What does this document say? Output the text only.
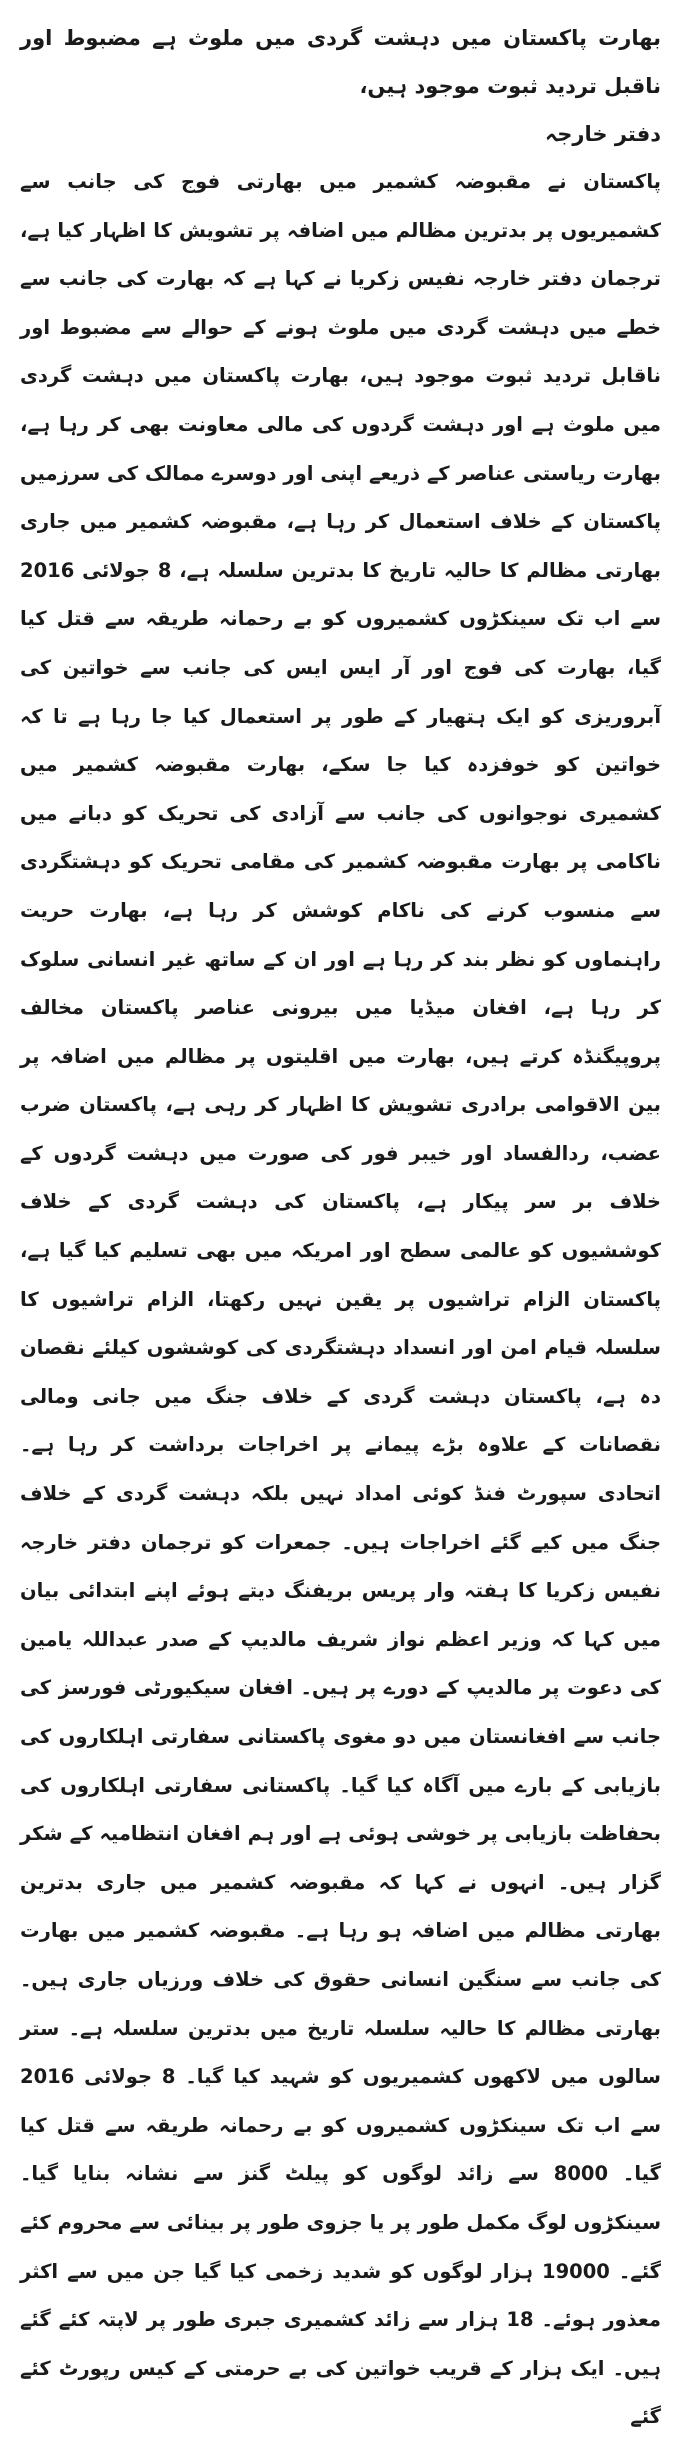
بھارت پاکستان میں دہشت گردی میں ملوث ہے مضبوط اور ناقبل تردید ثبوت موجود ہیں،

دفتر خارجہ

پاکستان نے مقبوضہ کشمیر میں بھارتی فوج کی جانب سے کشمیریوں پر بدترین مظالم میں اضافہ پر تشویش کا اظہار کیا ہے، ترجمان دفتر خارجہ نفیس زکریا نے کہا ہے کہ بھارت کی جانب سے خطے میں دہشت گردی میں ملوث ہونے کے حوالے سے مضبوط اور ناقابل تردید ثبوت موجود ہیں، بھارت پاکستان میں دہشت گردی میں ملوث ہے اور دہشت گردوں کی مالی معاونت بھی کر رہا ہے، بھارت ریاستی عناصر کے ذریعے اپنی اور دوسرے ممالک کی سرزمیں پاکستان کے خلاف استعمال کر رہا ہے، مقبوضہ کشمیر میں جاری بھارتی مظالم کا حالیہ تاریخ کا بدترین سلسلہ ہے، 8 جولائی 2016 سے اب تک سینکڑوں کشمیروں کو بے رحمانہ طریقہ سے قتل کیا گیا، بھارت کی فوج اور آر ایس ایس کی جانب سے خواتین کی آبروریزی کو ایک ہتھیار کے طور پر استعمال کیا جا رہا ہے تا کہ خواتین کو خوفزدہ کیا جا سکے، بھارت مقبوضہ کشمیر میں کشمیری نوجوانوں کی جانب سے آزادی کی تحریک کو دبانے میں ناکامی پر بھارت مقبوضہ کشمیر کی مقامی تحریک کو دہشتگردی سے منسوب کرنے کی ناکام کوشش کر رہا ہے، بھارت حریت راہنماوں کو نظر بند کر رہا ہے اور ان کے ساتھ غیر انسانی سلوک کر رہا ہے، افغان میڈیا میں بیرونی عناصر پاکستان مخالف پروپیگنڈہ کرتے ہیں، بھارت میں اقلیتوں پر مظالم میں اضافہ پر بین الاقوامی برادری تشویش کا اظہار کر رہی ہے، پاکستان ضرب عضب، ردالفساد اور خیبر فور کی صورت میں دہشت گردوں کے خلاف بر سر پیکار ہے، پاکستان کی دہشت گردی کے خلاف کوششیوں کو عالمی سطح اور امریکہ میں بھی تسلیم کیا گیا ہے، پاکستان الزام تراشیوں پر یقین نہیں رکھتا، الزام تراشیوں کا سلسلہ قیام امن اور انسداد دہشتگردی کی کوششوں کیلئے نقصان دہ ہے، پاکستان دہشت گردی کے خلاف جنگ میں جانی ومالی نقصانات کے علاوہ بڑے پیمانے پر اخراجات برداشت کر رہا ہے۔ اتحادی سپورٹ فنڈ کوئی امداد نہیں بلکہ دہشت گردی کے خلاف جنگ میں کیے گئے اخراجات ہیں۔ جمعرات کو ترجمان دفتر خارجہ نفیس زکریا کا ہفتہ وار پریس بریفنگ دیتے ہوئے اپنے ابتدائی بیان میں کہا کہ وزیر اعظم نواز شریف مالدیپ کے صدر عبداللہ یامین کی دعوت پر مالدیپ کے دورے پر ہیں۔ افغان سیکیورٹی فورسز کی جانب سے افغانستان میں دو مغوی پاکستانی سفارتی اہلکاروں کی بازیابی کے بارے میں آگاہ کیا گیا۔ پاکستانی سفارتی اہلکاروں کی بحفاظت بازیابی پر خوشی ہوئی ہے اور ہم افغان انتظامیہ کے شکر گزار ہیں۔ انہوں نے کہا کہ مقبوضہ کشمیر میں جاری بدترین بھارتی مظالم میں اضافہ ہو رہا ہے۔ مقبوضہ کشمیر میں بھارت کی جانب سے سنگین انسانی حقوق کی خلاف ورزیاں جاری ہیں۔ بھارتی مظالم کا حالیہ سلسلہ تاریخ میں بدترین سلسلہ ہے۔ ستر سالوں میں لاکھوں کشمیریوں کو شہید کیا گیا۔ 8 جولائی 2016 سے اب تک سینکڑوں کشمیروں کو بے رحمانہ طریقہ سے قتل کیا گیا۔ 8000 سے زائد لوگوں کو پیلٹ گنز سے نشانہ بنایا گیا۔ سینکڑوں لوگ مکمل طور پر یا جزوی طور پر بینائی سے محروم کئے گئے۔ 19000 ہزار لوگوں کو شدید زخمی کیا گیا جن میں سے اکثر معذور ہوئے۔ 18 ہزار سے زائد کشمیری جبری طور پر لاپتہ کئے گئے ہیں۔ ایک ہزار کے قریب خواتین کی بے حرمتی کے کیس رپورٹ کئے گئے
